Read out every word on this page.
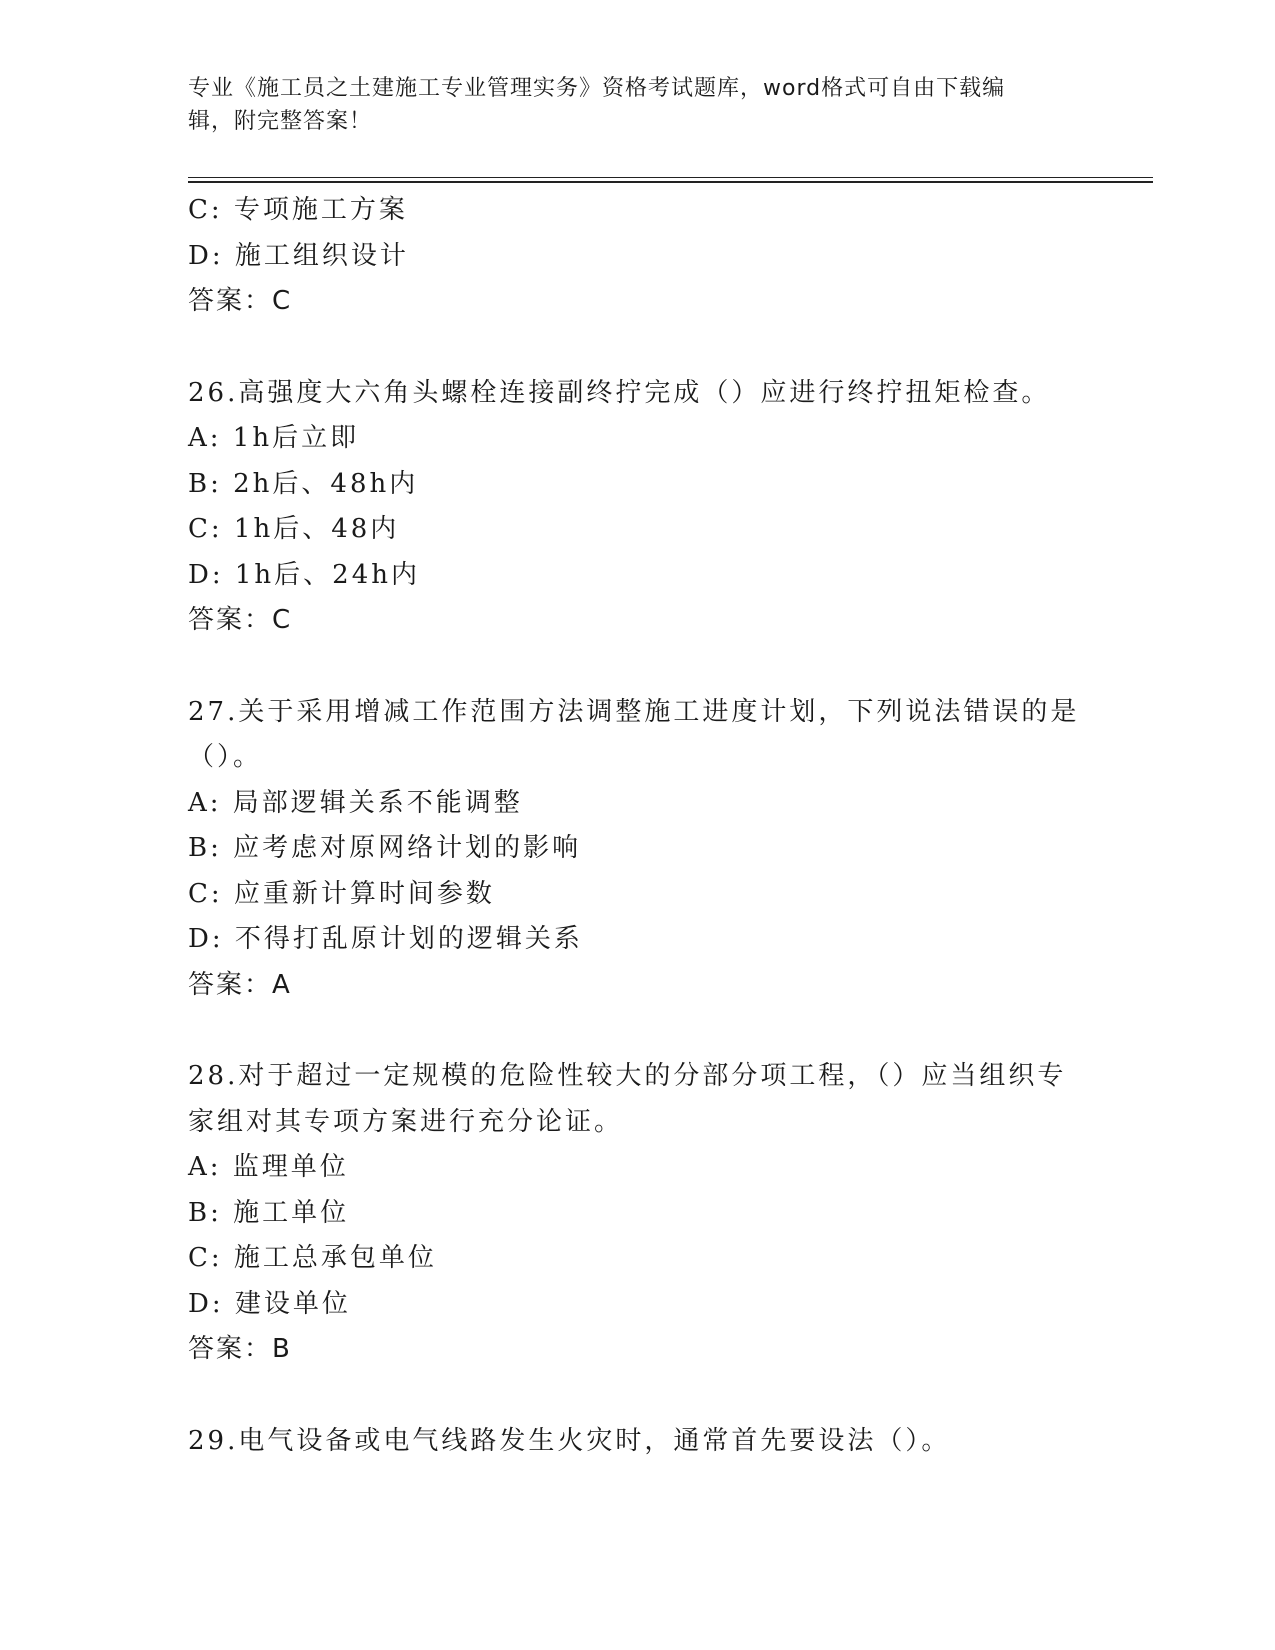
专业《施工员之土建施工专业管理实务》资格考试题库，word格式可自由下载编
辑，附完整答案！
C: 专项施工方案
D: 施工组织设计
答案：C
26.高强度大六角头螺栓连接副终拧完成（）应进行终拧扭矩检查。
A: 1h后立即
B: 2h后、48h内
C: 1h后、48内
D: 1h后、24h内
答案：C
27.关于采用增减工作范围方法调整施工进度计划，下列说法错误的是
（）。
A: 局部逻辑关系不能调整
B: 应考虑对原网络计划的影响
C: 应重新计算时间参数
D: 不得打乱原计划的逻辑关系
答案：A
28.对于超过一定规模的危险性较大的分部分项工程，（）应当组织专
家组对其专项方案进行充分论证。
A: 监理单位
B: 施工单位
C: 施工总承包单位
D: 建设单位
答案：B
29.电气设备或电气线路发生火灾时，通常首先要设法（）。
